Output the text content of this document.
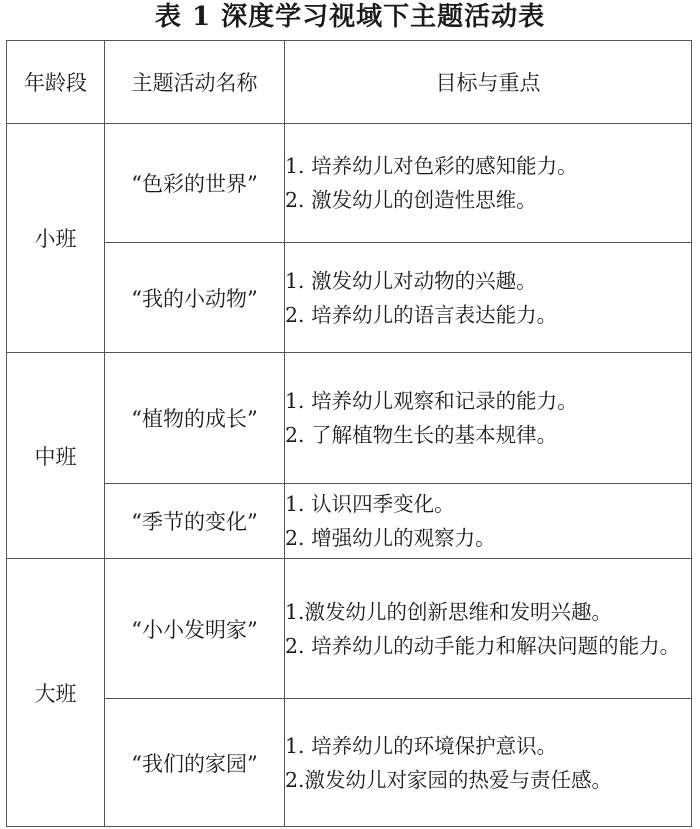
表 1 深度学习视域下主题活动表
年龄段	主题活动名称	目标与重点
小班	“色彩的世界”	1. 培养幼儿对色彩的感知能力。
2. 激发幼儿的创造性思维。

	“我的小动物”	1. 激发幼儿对动物的兴趣。
2. 培养幼儿的语言表达能力。

中班	“植物的成长”	1. 培养幼儿观察和记录的能力。
2. 了解植物生长的基本规律。

	“季节的变化”	1. 认识四季变化。
2. 增强幼儿的观察力。

大班	“小小发明家”	1.激发幼儿的创新思维和发明兴趣。
2. 培养幼儿的动手能力和解决问题的能力。

	“我们的家园”	1. 培养幼儿的环境保护意识。
2.激发幼儿对家园的热爱与责任感。
